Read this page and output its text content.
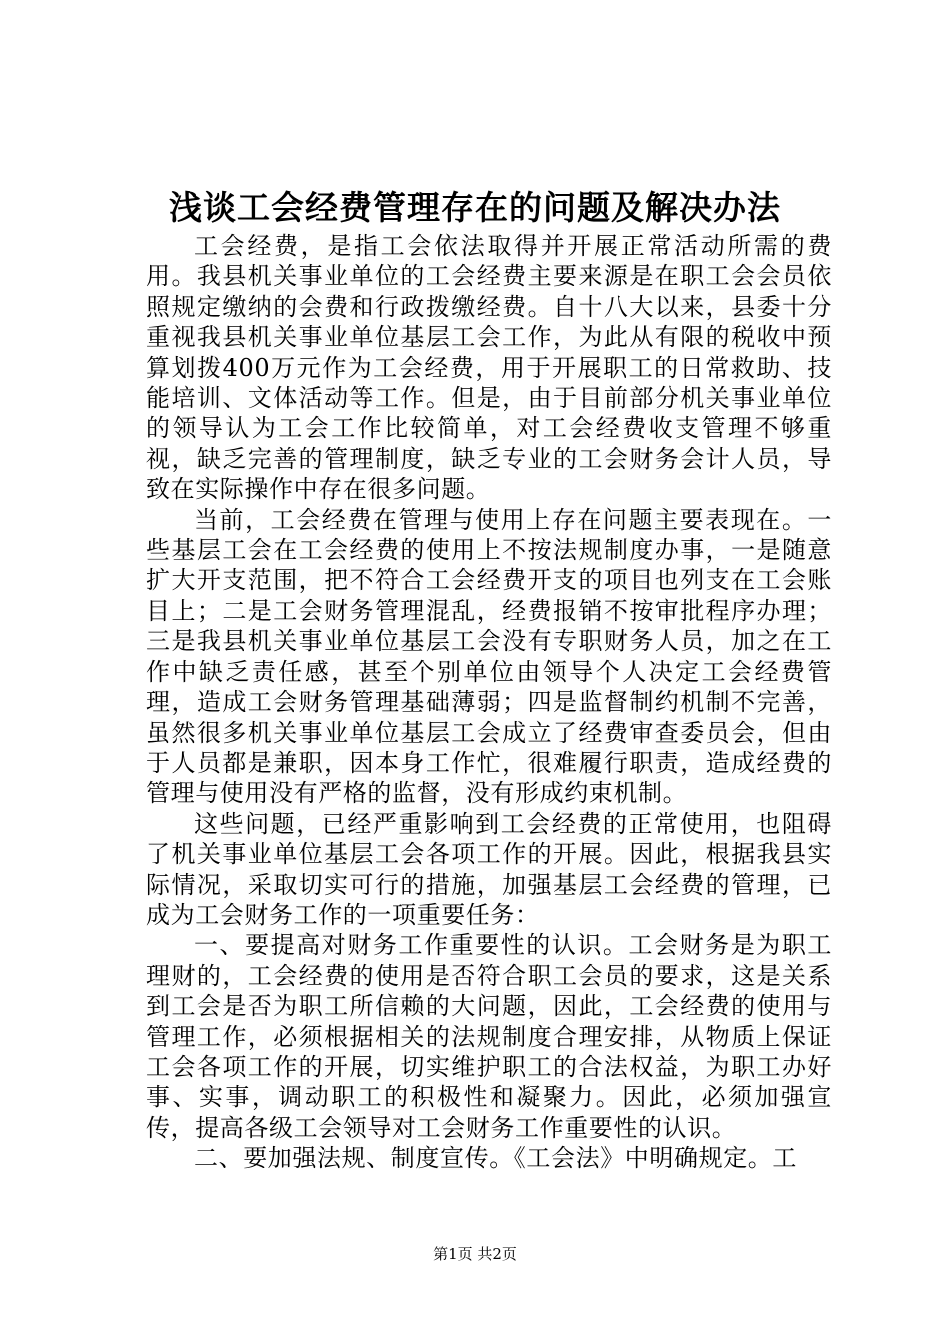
浅谈工会经费管理存在的问题及解决办法

工会经费，是指工会依法取得并开展正常活动所需的费用。我县机关事业单位的工会经费主要来源是在职工会会员依照规定缴纳的会费和行政拨缴经费。自十八大以来，县委十分重视我县机关事业单位基层工会工作，为此从有限的税收中预算划拨400万元作为工会经费，用于开展职工的日常救助、技能培训、文体活动等工作。但是，由于目前部分机关事业单位的领导认为工会工作比较简单，对工会经费收支管理不够重视，缺乏完善的管理制度，缺乏专业的工会财务会计人员，导致在实际操作中存在很多问题。

当前，工会经费在管理与使用上存在问题主要表现在。一些基层工会在工会经费的使用上不按法规制度办事，一是随意扩大开支范围，把不符合工会经费开支的项目也列支在工会账目上；二是工会财务管理混乱，经费报销不按审批程序办理；三是我县机关事业单位基层工会没有专职财务人员，加之在工作中缺乏责任感，甚至个别单位由领导个人决定工会经费管理，造成工会财务管理基础薄弱；四是监督制约机制不完善，虽然很多机关事业单位基层工会成立了经费审查委员会，但由于人员都是兼职，因本身工作忙，很难履行职责，造成经费的管理与使用没有严格的监督，没有形成约束机制。

这些问题，已经严重影响到工会经费的正常使用，也阻碍了机关事业单位基层工会各项工作的开展。因此，根据我县实际情况，采取切实可行的措施，加强基层工会经费的管理，已成为工会财务工作的一项重要任务：

一、要提高对财务工作重要性的认识。工会财务是为职工理财的，工会经费的使用是否符合职工会员的要求，这是关系到工会是否为职工所信赖的大问题，因此，工会经费的使用与管理工作，必须根据相关的法规制度合理安排，从物质上保证工会各项工作的开展，切实维护职工的合法权益，为职工办好事、实事，调动职工的积极性和凝聚力。因此，必须加强宣传，提高各级工会领导对工会财务工作重要性的认识。

二、要加强法规、制度宣传。《工会法》中明确规定。工

第1页 共2页
